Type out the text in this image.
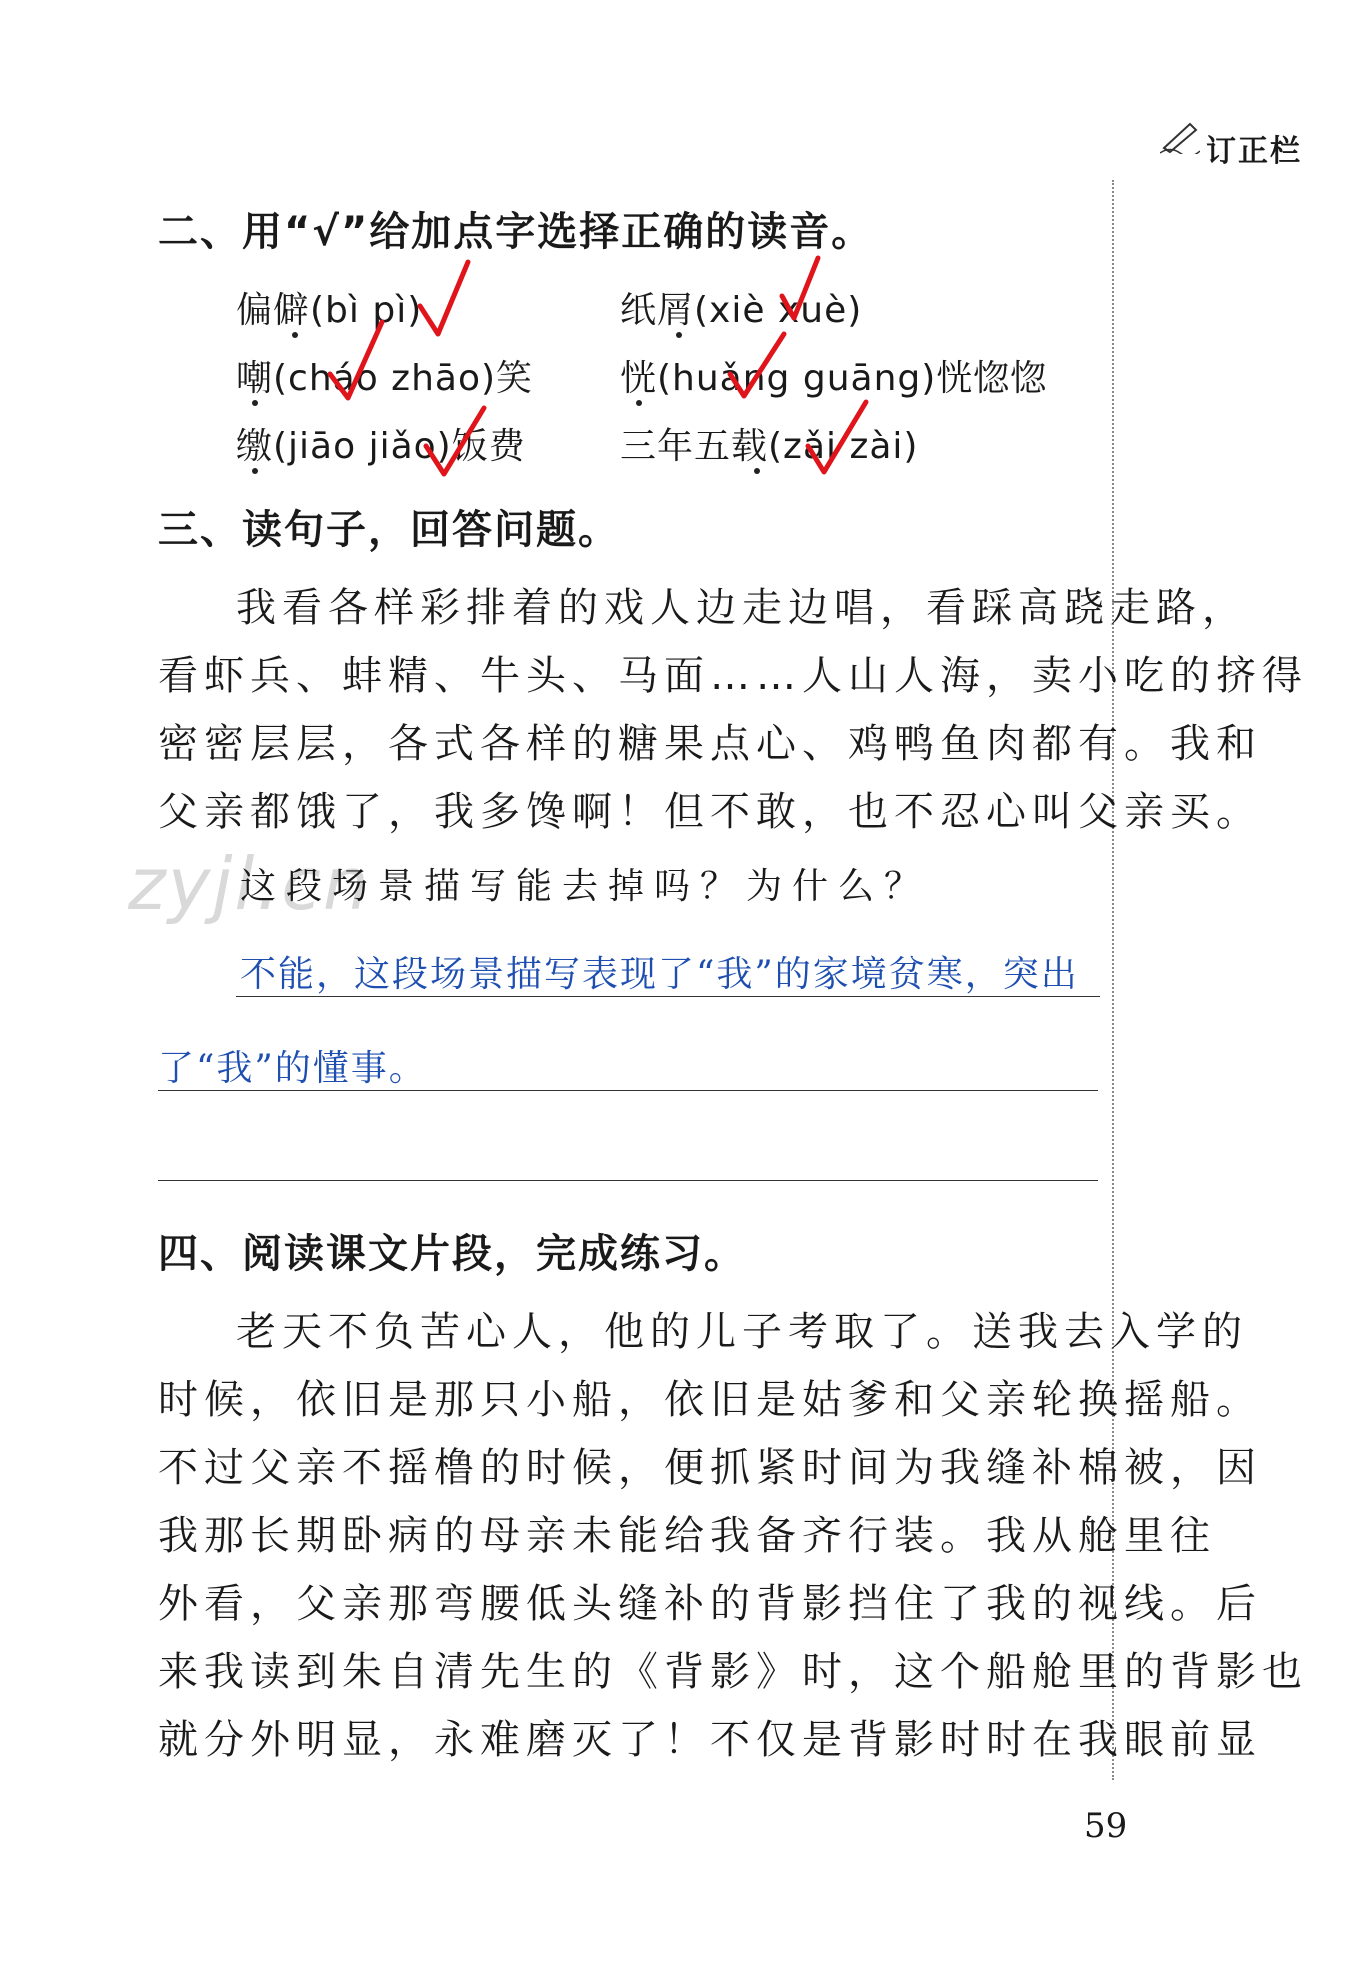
订正栏
二、用“√”给加点字选择正确的读音。
偏僻(bì pì)	纸屑(xiè xuè)
嘲(cháo zhāo)笑 恍(huǎng guāng)恍惚惚
缴(jiāo jiǎo)饭费	三年五载(zǎi zài)
三、读句子，回答问题。
我看各样彩排着的戏人边走边唱，看踩高跷走路，
看虾兵、蚌精、牛头、马面……人山人海，卖小吃的挤得
密密层层，各式各样的糖果点心、鸡鸭鱼肉都有。我和
父亲都饿了，我多馋啊！但不敢，也不忍心叫父亲买。
zyjl.cn
这段场景描写能去掉吗？为什么？
不能，这段场景描写表现了“我”的家境贫寒，突出
了“我”的懂事。
四、阅读课文片段，完成练习。
老天不负苦心人，他的儿子考取了。送我去入学的
时候，依旧是那只小船，依旧是姑爹和父亲轮换摇船。
不过父亲不摇橹的时候，便抓紧时间为我缝补棉被，因
我那长期卧病的母亲未能给我备齐行装。我从舱里往
外看，父亲那弯腰低头缝补的背影挡住了我的视线。后
来我读到朱自清先生的《背影》时，这个船舱里的背影也
就分外明显，永难磨灭了！不仅是背影时时在我眼前显
59
